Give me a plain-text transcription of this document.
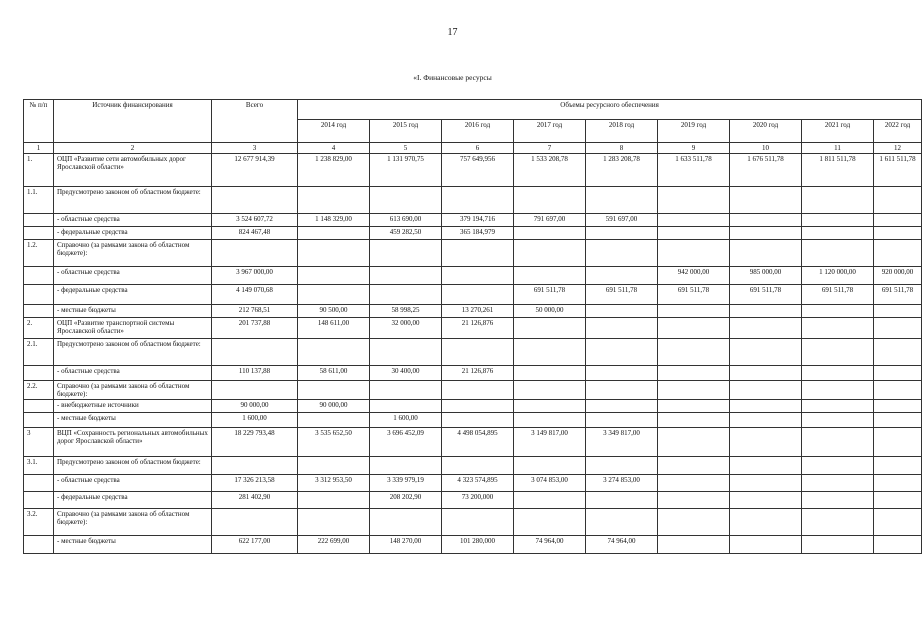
17
«I. Финансовые ресурсы
№ п/п	Источник финансирования	Всего	Объемы ресурсного обеспечения								
			2014 год	2015 год	2016 год	2017 год	2018 год	2019 год	2020 год	2021 год	2022 год
1	2	3	4	5	6	7	8	9	10	11	12
1.	ОЦП «Развитие сети автомобильных дорог Ярославской области»	12 677 914,39	1 238 829,00	1 131 970,75	757 649,956	1 533 208,78	1 283 208,78	1 633 511,78	1 676 511,78	1 811 511,78	1 611 511,78
1.1.	Предусмотрено законом об областном бюджете:										
	- областные средства	3 524 607,72	1 148 329,00	613 690,00	379 194,716	791 697,00	591 697,00				
	- федеральные средства	824 467,48		459 282,50	365 184,979						
1.2.	Справочно (за рамками закона об областном бюджете):										
	- областные средства	3 967 000,00						942 000,00	985 000,00	1 120 000,00	920 000,00
	- федеральные средства	4 149 070,68				691 511,78	691 511,78	691 511,78	691 511,78	691 511,78	691 511,78
	- местные бюджеты	212 768,51	90 500,00	58 998,25	13 270,261	50 000,00					
2.	ОЦП «Развитие транспортной системы Ярославской области»	201 737,88	148 611,00	32 000,00	21 126,876						
2.1.	Предусмотрено законом об областном бюджете:										
	- областные средства	110 137,88	58 611,00	30 400,00	21 126,876						
2.2.	Справочно (за рамками закона об областном бюджете):										
	- внебюджетные источники	90 000,00	90 000,00								
	- местные бюджеты	1 600,00		1 600,00							
3	ВЦП «Сохранность региональных автомобильных дорог Ярославской области»	18 229 793,48	3 535 652,50	3 696 452,09	4 498 054,895	3 149 817,00	3 349 817,00				
3.1.	Предусмотрено законом об областном бюджете:										
	- областные средства	17 326 213,58	3 312 953,50	3 339 979,19	4 323 574,895	3 074 853,00	3 274 853,00				
	- федеральные средства	281 402,90		208 202,90	73 200,000						
3.2.	Справочно (за рамками закона об областном бюджете):										
	- местные бюджеты	622 177,00	222 699,00	148 270,00	101 280,000	74 964,00	74 964,00				
